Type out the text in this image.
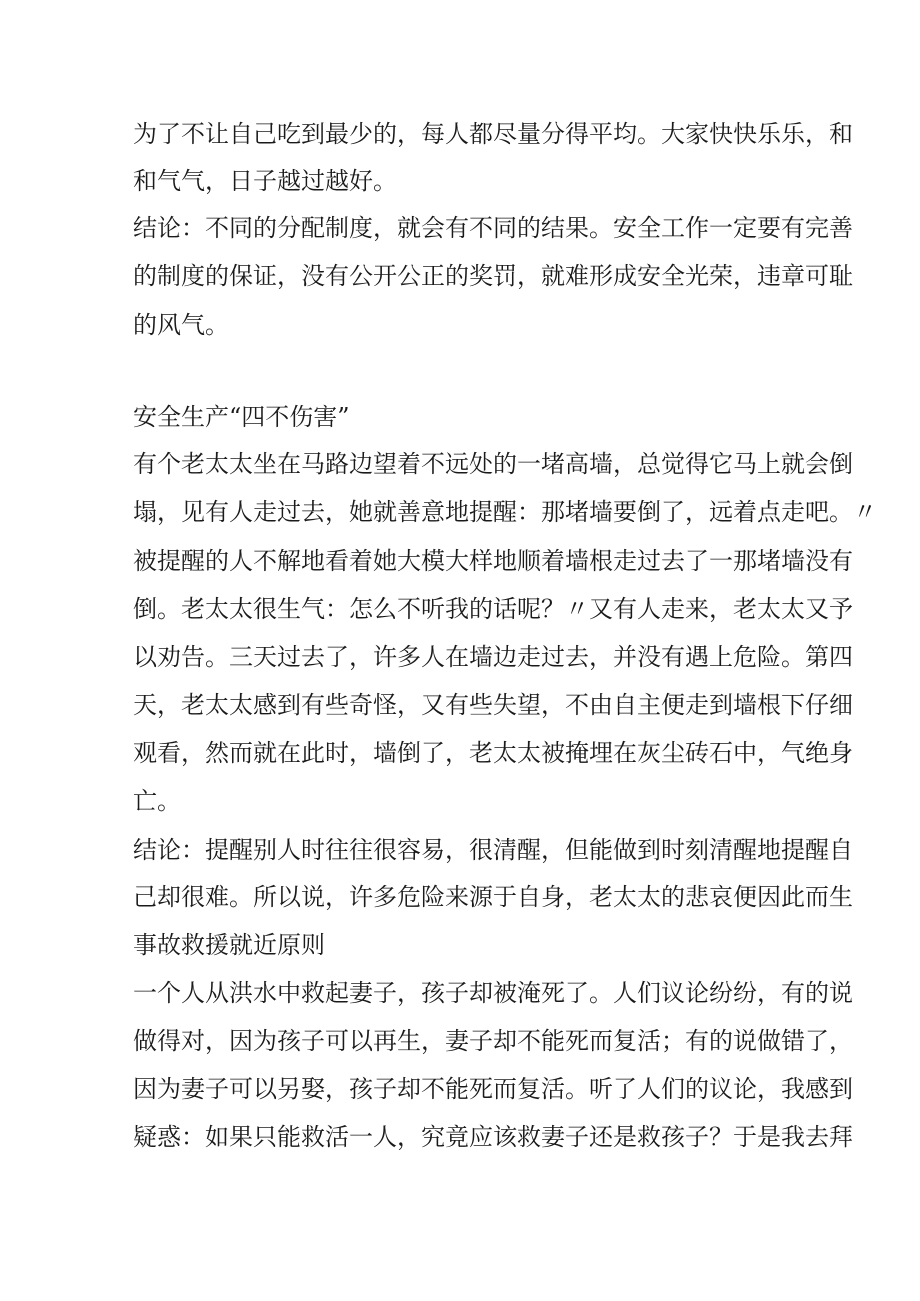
为了不让自己吃到最少的，每人都尽量分得平均。大家快快乐乐，和

和气气，日子越过越好。

结论：不同的分配制度，就会有不同的结果。安全工作一定要有完善

的制度的保证，没有公开公正的奖罚，就难形成安全光荣，违章可耻

的风气。

安全生产“四不伤害”

有个老太太坐在马路边望着不远处的一堵高墙，总觉得它马上就会倒

塌，见有人走过去，她就善意地提醒：那堵墙要倒了，远着点走吧。〃

被提醒的人不解地看着她大模大样地顺着墙根走过去了一那堵墙没有

倒。老太太很生气：怎么不听我的话呢？〃又有人走来，老太太又予

以劝告。三天过去了，许多人在墙边走过去，并没有遇上危险。第四

天，老太太感到有些奇怪，又有些失望，不由自主便走到墙根下仔细

观看，然而就在此时，墙倒了，老太太被掩埋在灰尘砖石中，气绝身

亡。

结论：提醒别人时往往很容易，很清醒，但能做到时刻清醒地提醒自

己却很难。所以说，许多危险来源于自身，老太太的悲哀便因此而生

事故救援就近原则

一个人从洪水中救起妻子，孩子却被淹死了。人们议论纷纷，有的说

做得对，因为孩子可以再生，妻子却不能死而复活；有的说做错了，

因为妻子可以另娶，孩子却不能死而复活。听了人们的议论，我感到

疑惑：如果只能救活一人，究竟应该救妻子还是救孩子？于是我去拜
